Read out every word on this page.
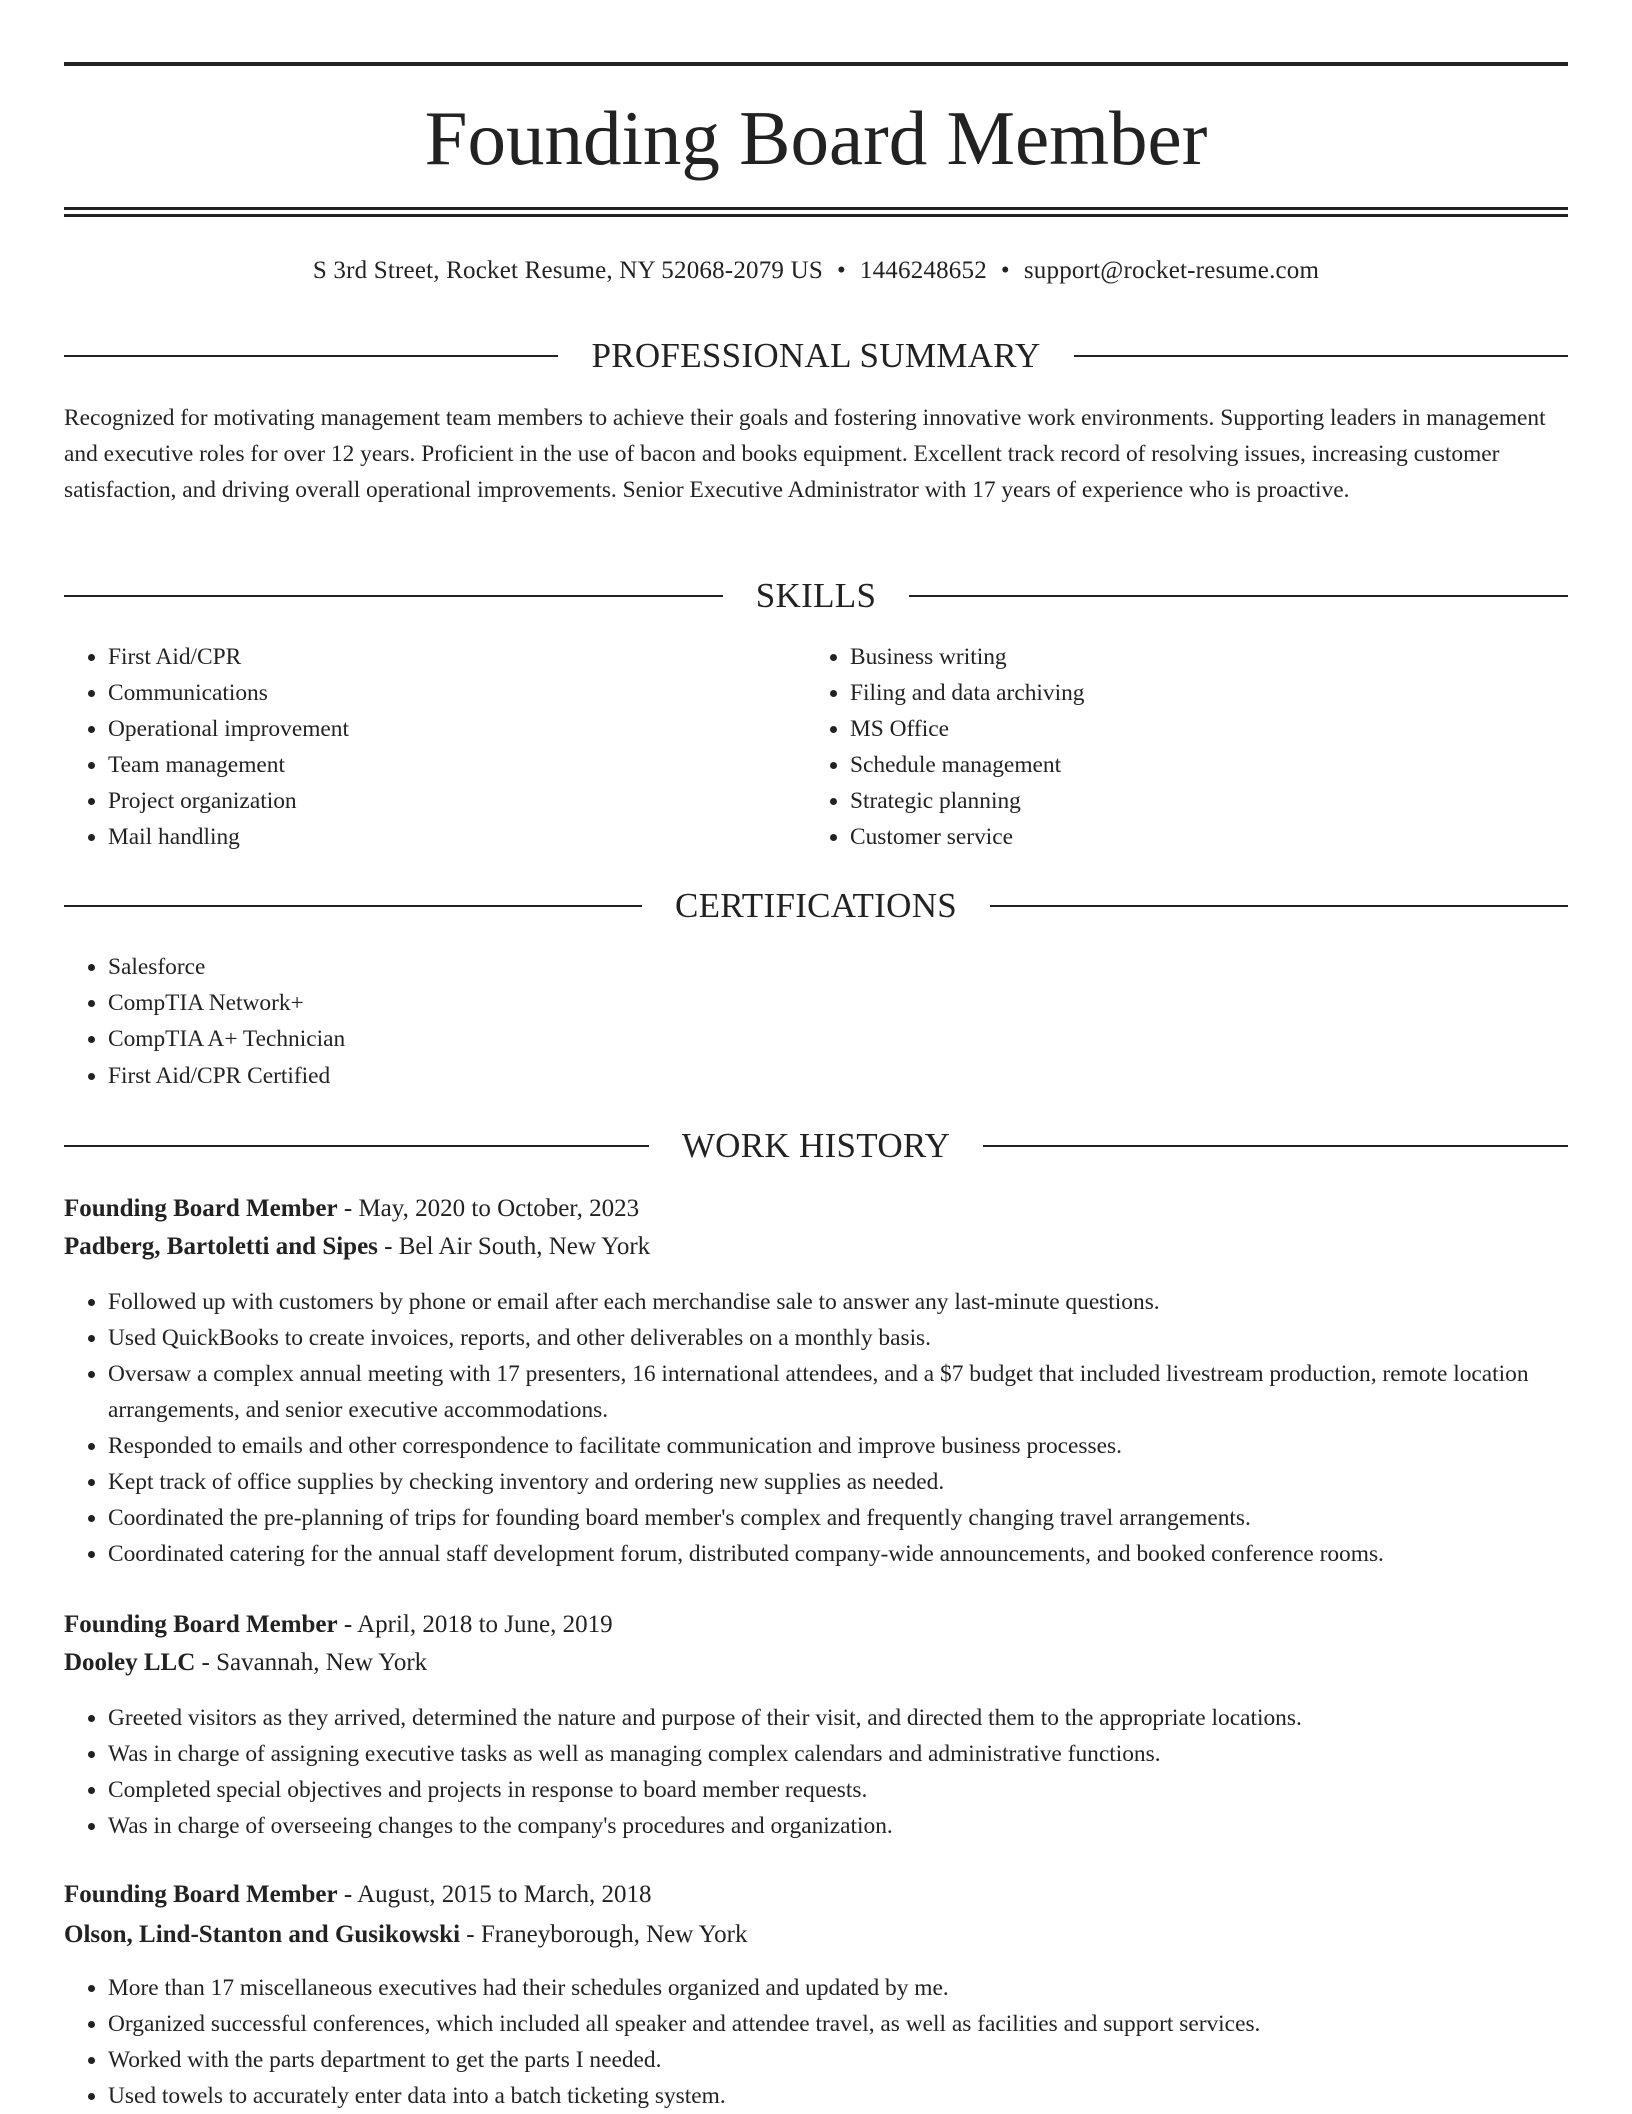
Founding Board Member
S 3rd Street, Rocket Resume, NY 52068-2079 US • 1446248652 • support@rocket-resume.com
PROFESSIONAL SUMMARY

Recognized for motivating management team members to achieve their goals and fostering innovative work environments. Supporting leaders in management and executive roles for over 12 years. Proficient in the use of bacon and books equipment. Excellent track record of resolving issues, increasing customer satisfaction, and driving overall operational improvements. Senior Executive Administrator with 17 years of experience who is proactive.

SKILLS
• First Aid/CPR
• Communications
• Operational improvement
• Team management
• Project organization
• Mail handling
• Business writing
• Filing and data archiving
• MS Office
• Schedule management
• Strategic planning
• Customer service
CERTIFICATIONS
• Salesforce
• CompTIA Network+
• CompTIA A+ Technician
• First Aid/CPR Certified
WORK HISTORY
Founding Board Member - May, 2020 to October, 2023
Padberg, Bartoletti and Sipes - Bel Air South, New York
• Followed up with customers by phone or email after each merchandise sale to answer any last-minute questions.
• Used QuickBooks to create invoices, reports, and other deliverables on a monthly basis.
• Oversaw a complex annual meeting with 17 presenters, 16 international attendees, and a $7 budget that included livestream production, remote location arrangements, and senior executive accommodations.
• Responded to emails and other correspondence to facilitate communication and improve business processes.
• Kept track of office supplies by checking inventory and ordering new supplies as needed.
• Coordinated the pre-planning of trips for founding board member's complex and frequently changing travel arrangements.
• Coordinated catering for the annual staff development forum, distributed company-wide announcements, and booked conference rooms.
Founding Board Member - April, 2018 to June, 2019
Dooley LLC - Savannah, New York
• Greeted visitors as they arrived, determined the nature and purpose of their visit, and directed them to the appropriate locations.
• Was in charge of assigning executive tasks as well as managing complex calendars and administrative functions.
• Completed special objectives and projects in response to board member requests.
• Was in charge of overseeing changes to the company's procedures and organization.
Founding Board Member - August, 2015 to March, 2018
Olson, Lind-Stanton and Gusikowski - Franeyborough, New York
• More than 17 miscellaneous executives had their schedules organized and updated by me.
• Organized successful conferences, which included all speaker and attendee travel, as well as facilities and support services.
• Worked with the parts department to get the parts I needed.
• Used towels to accurately enter data into a batch ticketing system.
